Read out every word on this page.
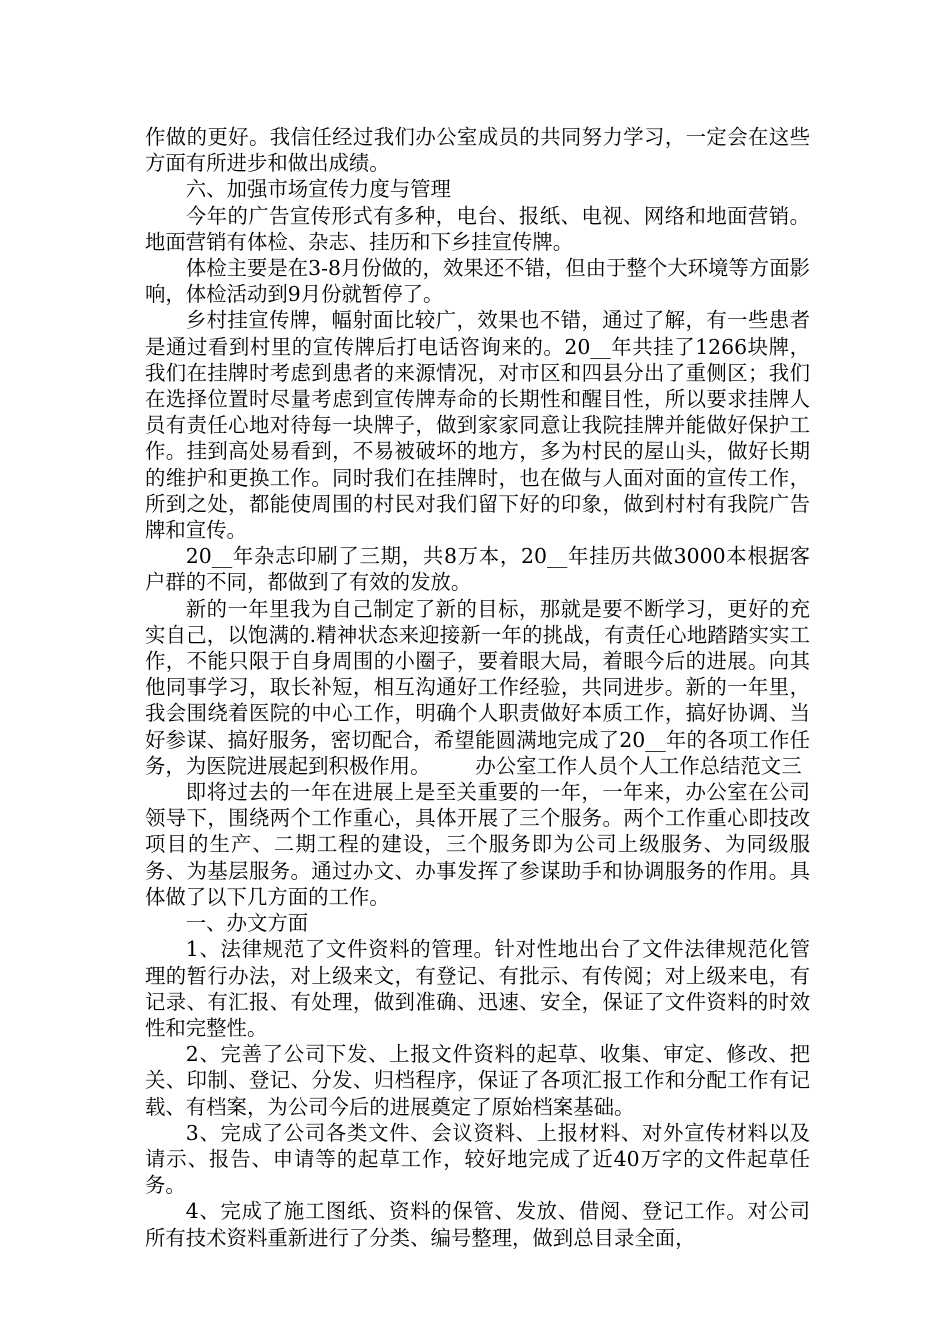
作做的更好。我信任经过我们办公室成员的共同努力学习，一定会在这些方面有所进步和做出成绩。

六、加强市场宣传力度与管理

今年的广告宣传形式有多种，电台、报纸、电视、网络和地面营销。地面营销有体检、杂志、挂历和下乡挂宣传牌。

体检主要是在3-8月份做的，效果还不错，但由于整个大环境等方面影响，体检活动到9月份就暂停了。

乡村挂宣传牌，幅射面比较广，效果也不错，通过了解，有一些患者是通过看到村里的宣传牌后打电话咨询来的。20__年共挂了1266块牌，我们在挂牌时考虑到患者的来源情况，对市区和四县分出了重侧区；我们在选择位置时尽量考虑到宣传牌寿命的长期性和醒目性，所以要求挂牌人员有责任心地对待每一块牌子，做到家家同意让我院挂牌并能做好保护工作。挂到高处易看到，不易被破坏的地方，多为村民的屋山头，做好长期的维护和更换工作。同时我们在挂牌时，也在做与人面对面的宣传工作，所到之处，都能使周围的村民对我们留下好的印象，做到村村有我院广告牌和宣传。

20__年杂志印刷了三期，共8万本，20__年挂历共做3000本根据客户群的不同，都做到了有效的发放。

新的一年里我为自己制定了新的目标，那就是要不断学习，更好的充实自己，以饱满的.精神状态来迎接新一年的挑战，有责任心地踏踏实实工作，不能只限于自身周围的小圈子，要着眼大局，着眼今后的进展。向其他同事学习，取长补短，相互沟通好工作经验，共同进步。新的一年里，我会围绕着医院的中心工作，明确个人职责做好本质工作，搞好协调、当好参谋、搞好服务，密切配合，希望能圆满地完成了20__年的各项工作任务，为医院进展起到积极作用。 办公室工作人员个人工作总结范文三

即将过去的一年在进展上是至关重要的一年，一年来，办公室在公司领导下，围绕两个工作重心，具体开展了三个服务。两个工作重心即技改项目的生产、二期工程的建设，三个服务即为公司上级服务、为同级服务、为基层服务。通过办文、办事发挥了参谋助手和协调服务的作用。具体做了以下几方面的工作。

一、办文方面

1、法律规范了文件资料的管理。针对性地出台了文件法律规范化管理的暂行办法，对上级来文，有登记、有批示、有传阅；对上级来电，有记录、有汇报、有处理，做到准确、迅速、安全，保证了文件资料的时效性和完整性。

2、完善了公司下发、上报文件资料的起草、收集、审定、修改、把关、印制、登记、分发、归档程序，保证了各项汇报工作和分配工作有记载、有档案，为公司今后的进展奠定了原始档案基础。

3、完成了公司各类文件、会议资料、上报材料、对外宣传材料以及请示、报告、申请等的起草工作，较好地完成了近40万字的文件起草任务。

4、完成了施工图纸、资料的保管、发放、借阅、登记工作。对公司所有技术资料重新进行了分类、编号整理，做到总目录全面，
